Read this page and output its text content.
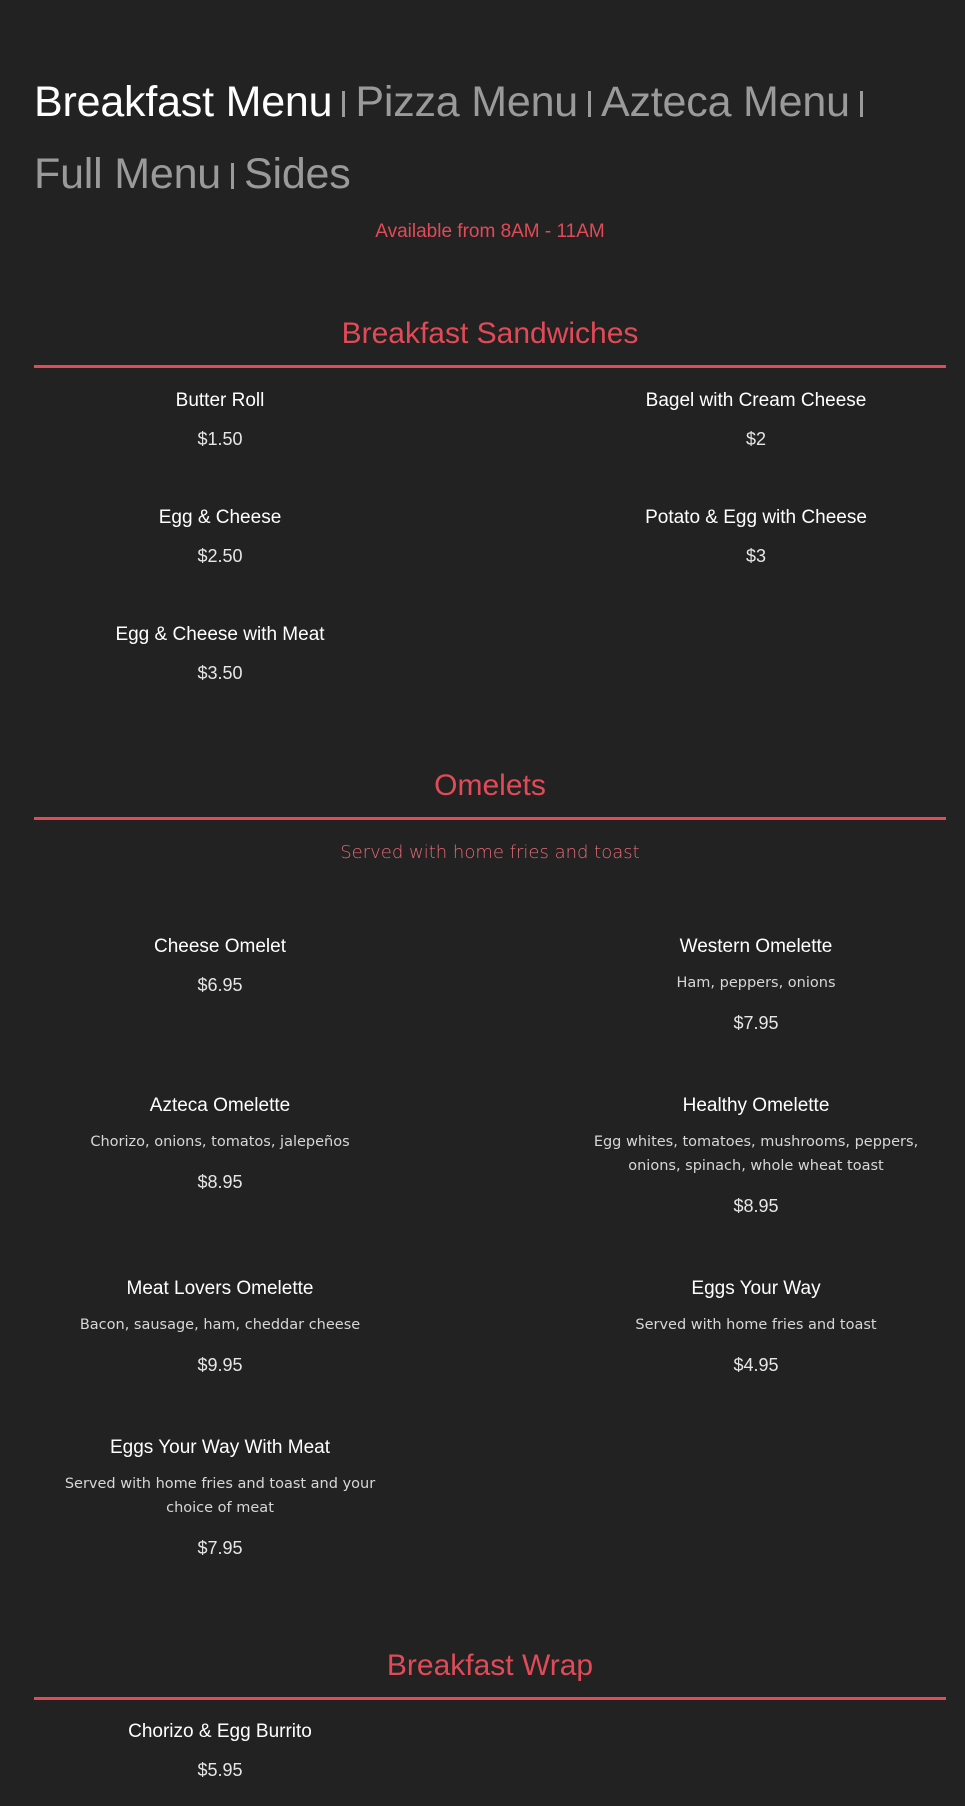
Breakfast Menu Pizza Menu Azteca Menu
Full Menu Sides
Available from 8AM - 11AM
Breakfast Sandwiches
Butter Roll
$1.50
Bagel with Cream Cheese
$2
Egg & Cheese
$2.50
Potato & Egg with Cheese
$3
Egg & Cheese with Meat
$3.50
Omelets
Served with home fries and toast
Cheese Omelet
$6.95
Western Omelette
Ham, peppers, onions
$7.95
Azteca Omelette
Chorizo, onions, tomatos, jalepeños
$8.95
Healthy Omelette
Egg whites, tomatoes, mushrooms, peppers, onions, spinach, whole wheat toast
$8.95
Meat Lovers Omelette
Bacon, sausage, ham, cheddar cheese
$9.95
Eggs Your Way
Served with home fries and toast
$4.95
Eggs Your Way With Meat
Served with home fries and toast and your choice of meat
$7.95
Breakfast Wrap
Chorizo & Egg Burrito
$5.95
